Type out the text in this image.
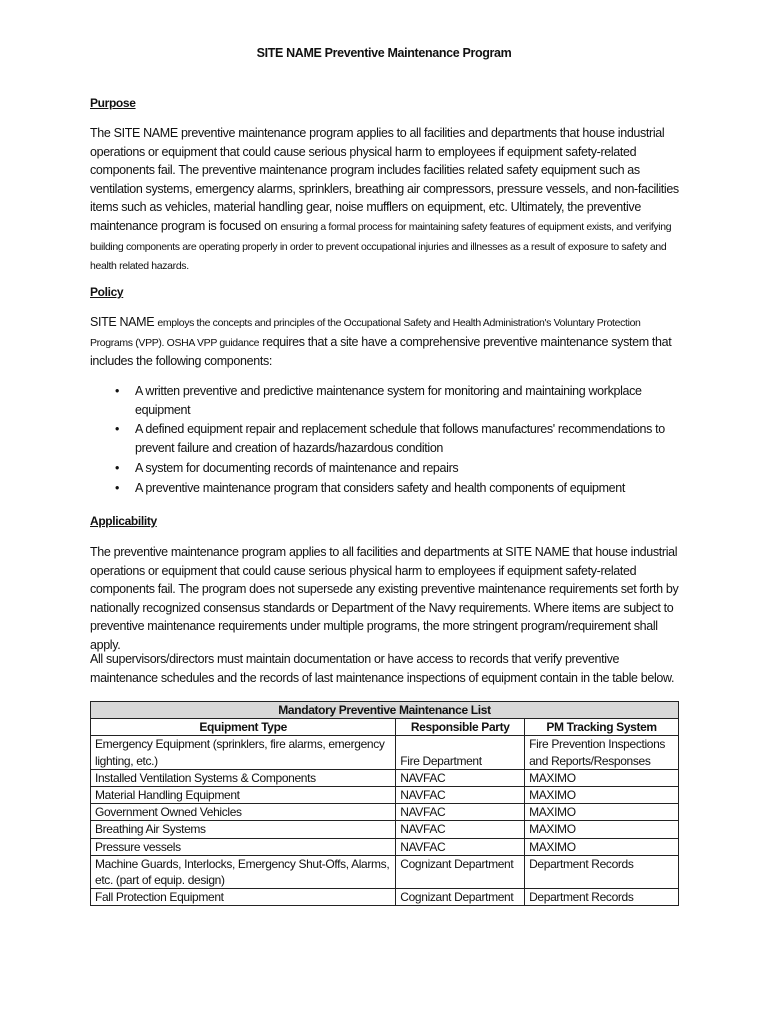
SITE NAME Preventive Maintenance Program
Purpose
The SITE NAME preventive maintenance program applies to all facilities and departments that house industrial operations or equipment that could cause serious physical harm to employees if equipment safety-related components fail. The preventive maintenance program includes facilities related safety equipment such as ventilation systems, emergency alarms, sprinklers, breathing air compressors, pressure vessels, and non-facilities items such as vehicles, material handling gear, noise mufflers on equipment, etc. Ultimately, the preventive maintenance program is focused on ensuring a formal process for maintaining safety features of equipment exists, and verifying building components are operating properly in order to prevent occupational injuries and illnesses as a result of exposure to safety and health related hazards.
Policy
SITE NAME employs the concepts and principles of the Occupational Safety and Health Administration's Voluntary Protection Programs (VPP). OSHA VPP guidance requires that a site have a comprehensive preventive maintenance system that includes the following components:
• A written preventive and predictive maintenance system for monitoring and maintaining workplace equipment
• A defined equipment repair and replacement schedule that follows manufactures' recommendations to prevent failure and creation of hazards/hazardous condition
• A system for documenting records of maintenance and repairs
• A preventive maintenance program that considers safety and health components of equipment
Applicability
The preventive maintenance program applies to all facilities and departments at SITE NAME that house industrial operations or equipment that could cause serious physical harm to employees if equipment safety-related components fail. The program does not supersede any existing preventive maintenance requirements set forth by nationally recognized consensus standards or Department of the Navy requirements. Where items are subject to preventive maintenance requirements under multiple programs, the more stringent program/requirement shall apply.
All supervisors/directors must maintain documentation or have access to records that verify preventive maintenance schedules and the records of last maintenance inspections of equipment contain in the table below.
Mandatory Preventive Maintenance List		
Equipment Type	Responsible Party	PM Tracking System
Emergency Equipment (sprinklers, fire alarms, emergency lighting, etc.)	Fire Department	Fire Prevention Inspections and Reports/Responses
Installed Ventilation Systems & Components	NAVFAC	MAXIMO
Material Handling Equipment	NAVFAC	MAXIMO
Government Owned Vehicles	NAVFAC	MAXIMO
Breathing Air Systems	NAVFAC	MAXIMO
Pressure vessels	NAVFAC	MAXIMO
Machine Guards, Interlocks, Emergency Shut-Offs, Alarms, etc. (part of equip. design)	Cognizant Department	Department Records
Fall Protection Equipment	Cognizant Department	Department Records
